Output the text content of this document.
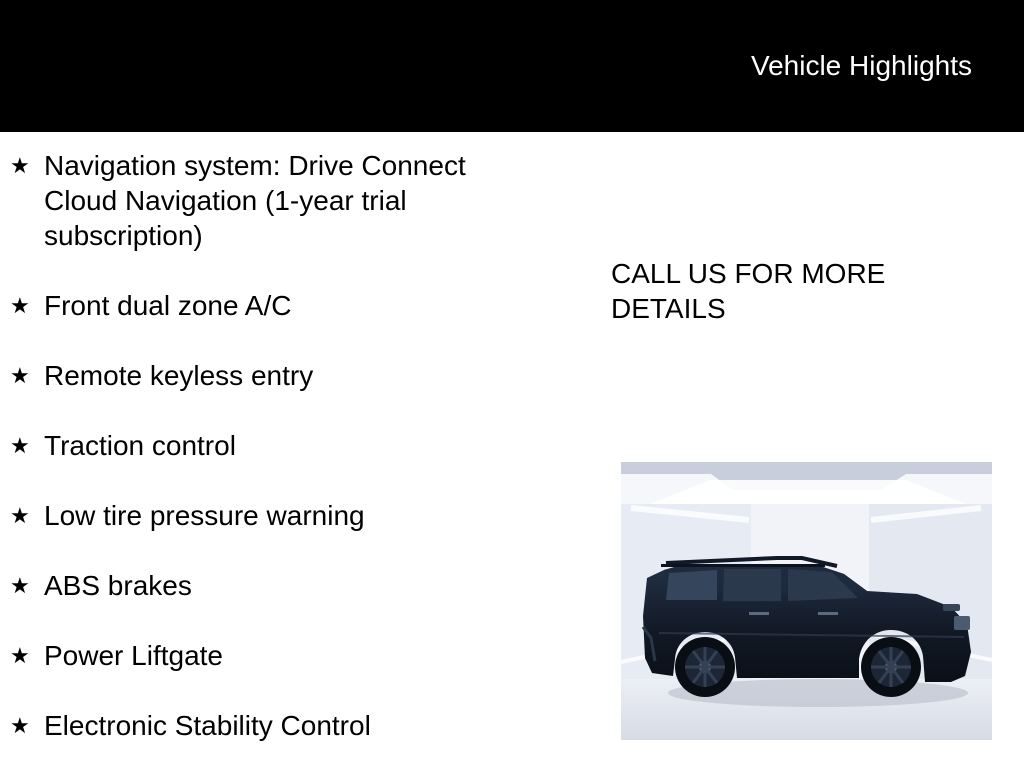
Vehicle Highlights
★ Navigation system: Drive Connect Cloud Navigation (1-year trial subscription)
★ Front dual zone A/C
★ Remote keyless entry
★ Traction control
★ Low tire pressure warning
★ ABS brakes
★ Power Liftgate
★ Electronic Stability Control
CALL US FOR MORE DETAILS
